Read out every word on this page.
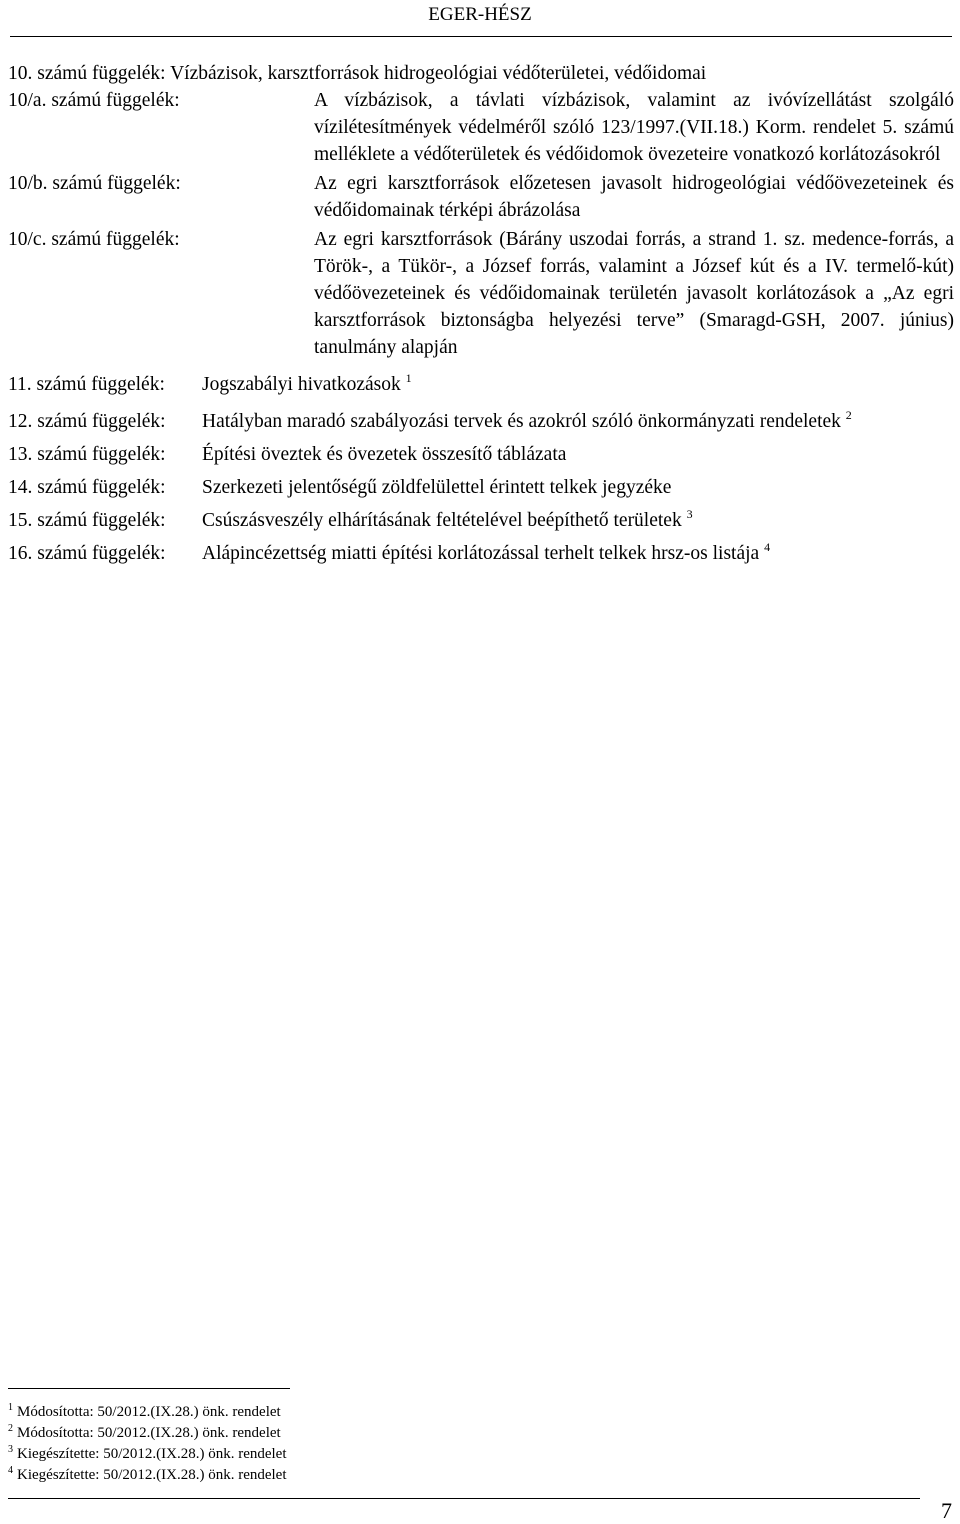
EGER-HÉSZ
10. számú függelék: Vízbázisok, karsztforrások hidrogeológiai védőterületei, védőidomai
10/a. számú függelék:	A vízbázisok, a távlati vízbázisok, valamint az ivóvízellátást szolgáló vízilétesítmények védelméről szóló 123/1997.(VII.18.) Korm. rendelet 5. számú melléklete a védőterületek és védőidomok övezeteire vonatkozó korlátozásokról
10/b. számú függelék:	Az egri karsztforrások előzetesen javasolt hidrogeológiai védőövezeteinek és védőidomainak térképi ábrázolása
10/c. számú függelék:	Az egri karsztforrások (Bárány uszodai forrás, a strand 1. sz. medence-forrás, a Török-, a Tükör-, a József forrás, valamint a József kút és a IV. termelő-kút) védőövezeteinek és védőidomainak területén javasolt korlátozások a „Az egri karsztforrások biztonságba helyezési terve” (Smaragd-GSH, 2007. június) tanulmány alapján
11. számú függelék:	Jogszabályi hivatkozások $^1$
12. számú függelék:	Hatályban maradó szabályozási tervek és azokról szóló önkormányzati rendeletek $^2$
13. számú függelék:	Építési öveztek és övezetek összesítő táblázata
14. számú függelék:	Szerkezeti jelentőségű zöldfelülettel érintett telkek jegyzéke
15. számú függelék:	Csúszásveszély elhárításának feltételével beépíthető területek $^3$
16. számú függelék:	Alápincézettség miatti építési korlátozással terhelt telkek hrsz-os listája $^4$
$^1$ Módosította: 50/2012.(IX.28.) önk. rendelet
$^2$ Módosította: 50/2012.(IX.28.) önk. rendelet
$^3$ Kiegészítette: 50/2012.(IX.28.) önk. rendelet
$^4$ Kiegészítette: 50/2012.(IX.28.) önk. rendelet
7
